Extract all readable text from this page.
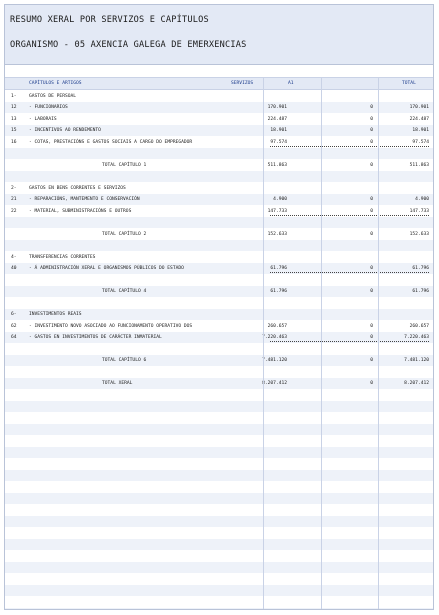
RESUMO XERAL POR SERVIZOS E CAPÍTULOS
ORGANISMO - 05 AXENCIA GALEGA DE EMERXENCIAS
CAPÍTULOS E ARTIGOS	SERVIZOS	A1	TOTAL
1-	GASTOS DE PERSOAL
12	- FUNCIONARIOS	170.901	0	170.901
13	- LABORAIS	224.487	0	224.487
15	- INCENTIVOS AO RENDEMENTO	18.901	0	18.901
16	- COTAS, PRESTACIÓNS E GASTOS SOCIAIS A CARGO DO EMPREGADOR	97.574	0	97.574
TOTAL CAPÍTULO 1	511.863	0	511.863
2-	GASTOS EN BENS CORRENTES E SERVIZOS
21	- REPARACIÓNS, MANTEMENTO E CONSERVACIÓN	4.900	0	4.900
22	- MATERIAL, SUBMINISTRACIÓNS E OUTROS	147.733	0	147.733
TOTAL CAPÍTULO 2	152.633	0	152.633
4-	TRANSFERENCIAS CORRENTES
40	- Á ADMINISTRACIÓN XERAL E ORGANISMOS PÚBLICOS DO ESTADO	61.796	0	61.796
TOTAL CAPÍTULO 4	61.796	0	61.796
6-	INVESTIMENTOS REAIS
62	- INVESTIMENTO NOVO ASOCIADO AO FUNCIONAMENTO OPERATIVO DOS	260.657	0	260.657
64	- GASTOS EN INVESTIMENTOS DE CARÁCTER INMATERIAL	7.220.463	0	7.220.463
TOTAL CAPÍTULO 6	7.481.120	0	7.481.120
TOTAL XERAL	8.207.412	0	8.207.412
